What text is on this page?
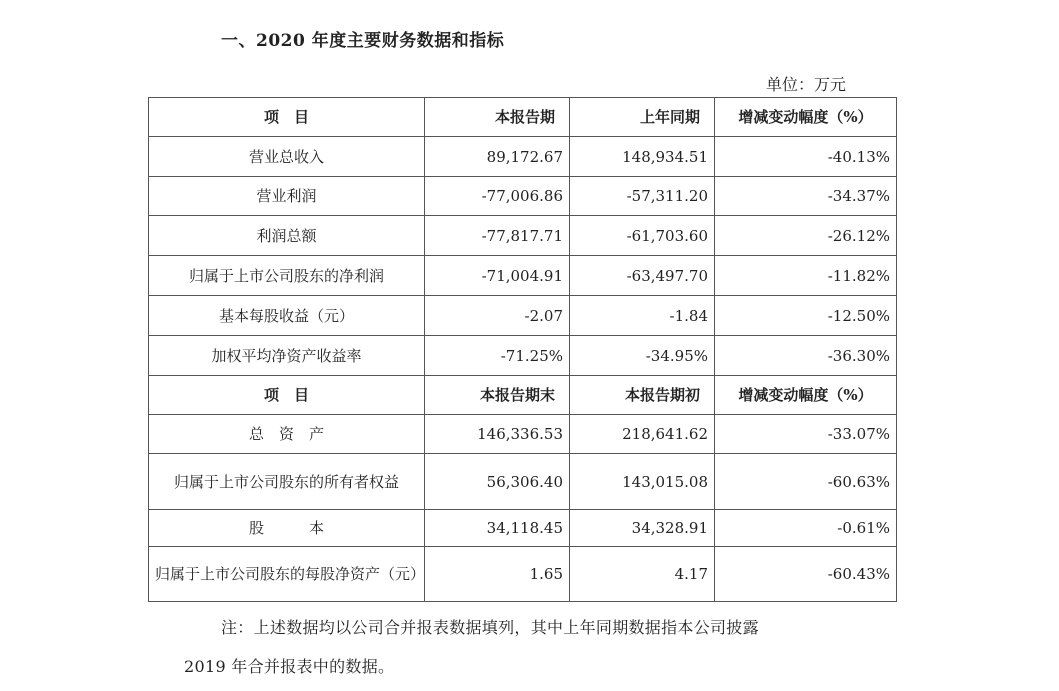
一、2020 年度主要财务数据和指标
单位：万元
项　目	本报告期	上年同期	增减变动幅度（%）
营业总收入	89,172.67	148,934.51	-40.13%
营业利润	-77,006.86	-57,311.20	-34.37%
利润总额	-77,817.71	-61,703.60	-26.12%
归属于上市公司股东的净利润	-71,004.91	-63,497.70	-11.82%
基本每股收益（元）	-2.07	-1.84	-12.50%
加权平均净资产收益率	-71.25%	-34.95%	-36.30%
项　目	本报告期末	本报告期初	增减变动幅度（%）
总　资　产	146,336.53	218,641.62	-33.07%
归属于上市公司股东的所有者权益	56,306.40	143,015.08	-60.63%
股　　　本	34,118.45	34,328.91	-0.61%
归属于上市公司股东的每股净资产（元）	1.65	4.17	-60.43%
注：上述数据均以公司合并报表数据填列，其中上年同期数据指本公司披露
2019 年合并报表中的数据。
